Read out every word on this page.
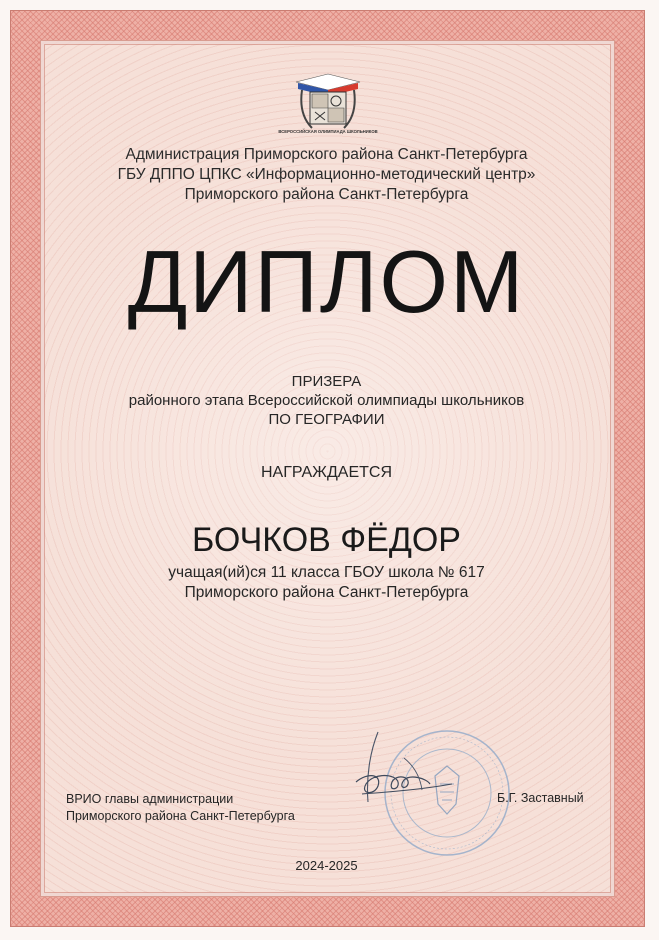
ВСЕРОССИЙСКАЯ ОЛИМПИАДА ШКОЛЬНИКОВ
Администрация Приморского района Санкт-Петербурга
ГБУ ДППО ЦПКС «Информационно-методический центр»
Приморского района Санкт-Петербурга
ДИПЛОМ
ПРИЗЕРА
районного этапа Всероссийской олимпиады школьников
ПО ГЕОГРАФИИ
НАГРАЖДАЕТСЯ
БОЧКОВ ФЁДОР
учащая(ий)ся 11 класса ГБОУ школа № 617
Приморского района Санкт-Петербурга
ВРИО главы администрации
Приморского района Санкт-Петербурга
Б.Г. Заставный
2024-2025
